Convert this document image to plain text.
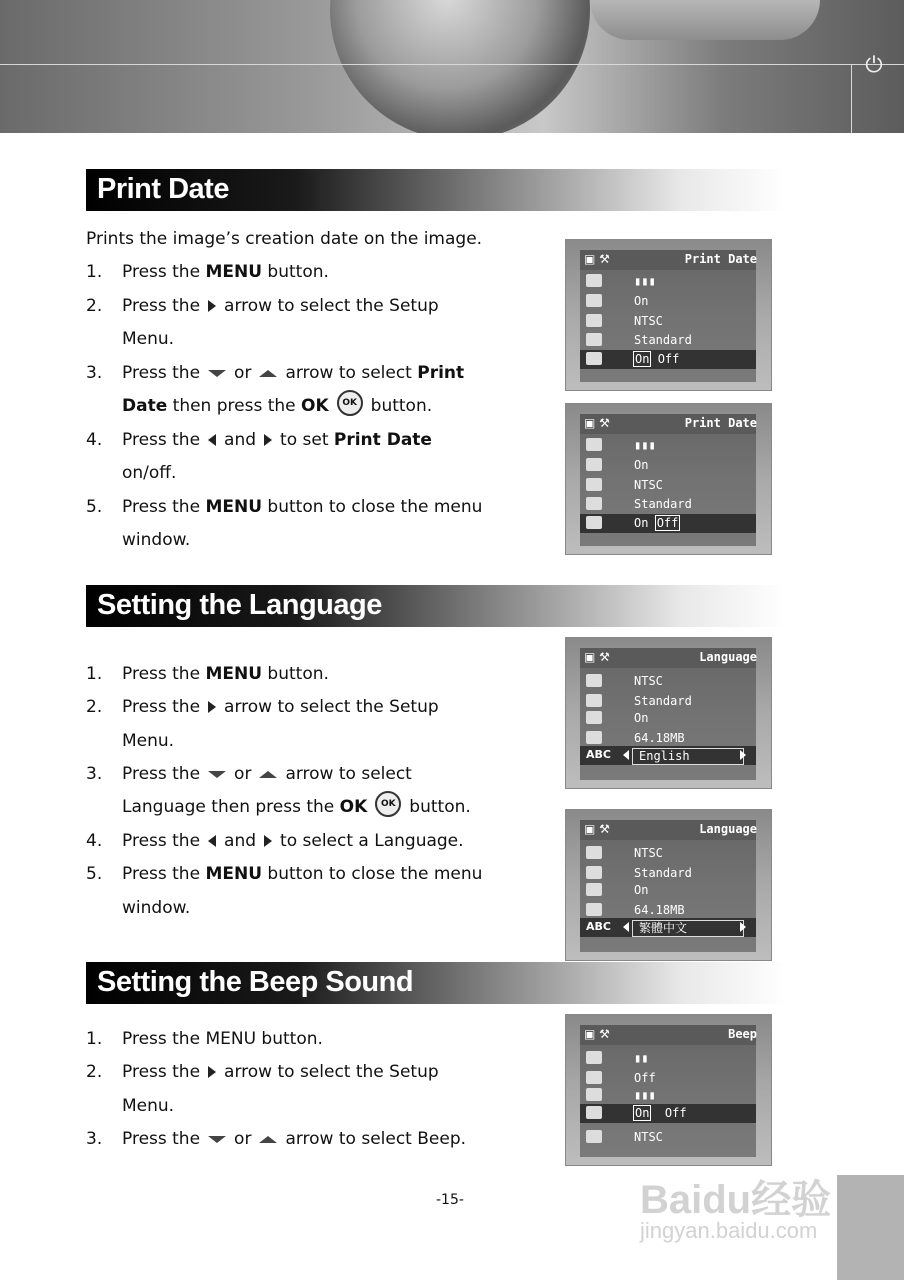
⏻
Print Date
Prints the image’s creation date on the image.
1. Press the MENU button.
2. Press the arrow to select the Setup
Menu.
3. Press the or arrow to select Print
Date then press the OK OK button.
4. Press the and to set Print Date
on/off.
5. Press the MENU button to close the menu
window.
▣ ⚒	Print Date
▮▮▮
On
NTSC
Standard
On Off
▣ ⚒	Print Date
▮▮▮
On
NTSC
Standard
On Off
Setting the Language
1. Press the MENU button.
2. Press the arrow to select the Setup
Menu.
3. Press the or arrow to select
Language then press the OK OK button.
4. Press the and to select a Language.
5. Press the MENU button to close the menu
window.
▣ ⚒	Language
NTSC
Standard
On
64.18MB
ABC	English
▣ ⚒	Language
NTSC
Standard
On
64.18MB
ABC	繁體中文
Setting the Beep Sound
1. Press the MENU button.
2. Press the arrow to select the Setup
Menu.
3. Press the or arrow to select Beep.
▣ ⚒	Beep
▮▮
Off
▮▮▮
On Off
NTSC
-15-	Baidu经验
jingyan.baidu.com
